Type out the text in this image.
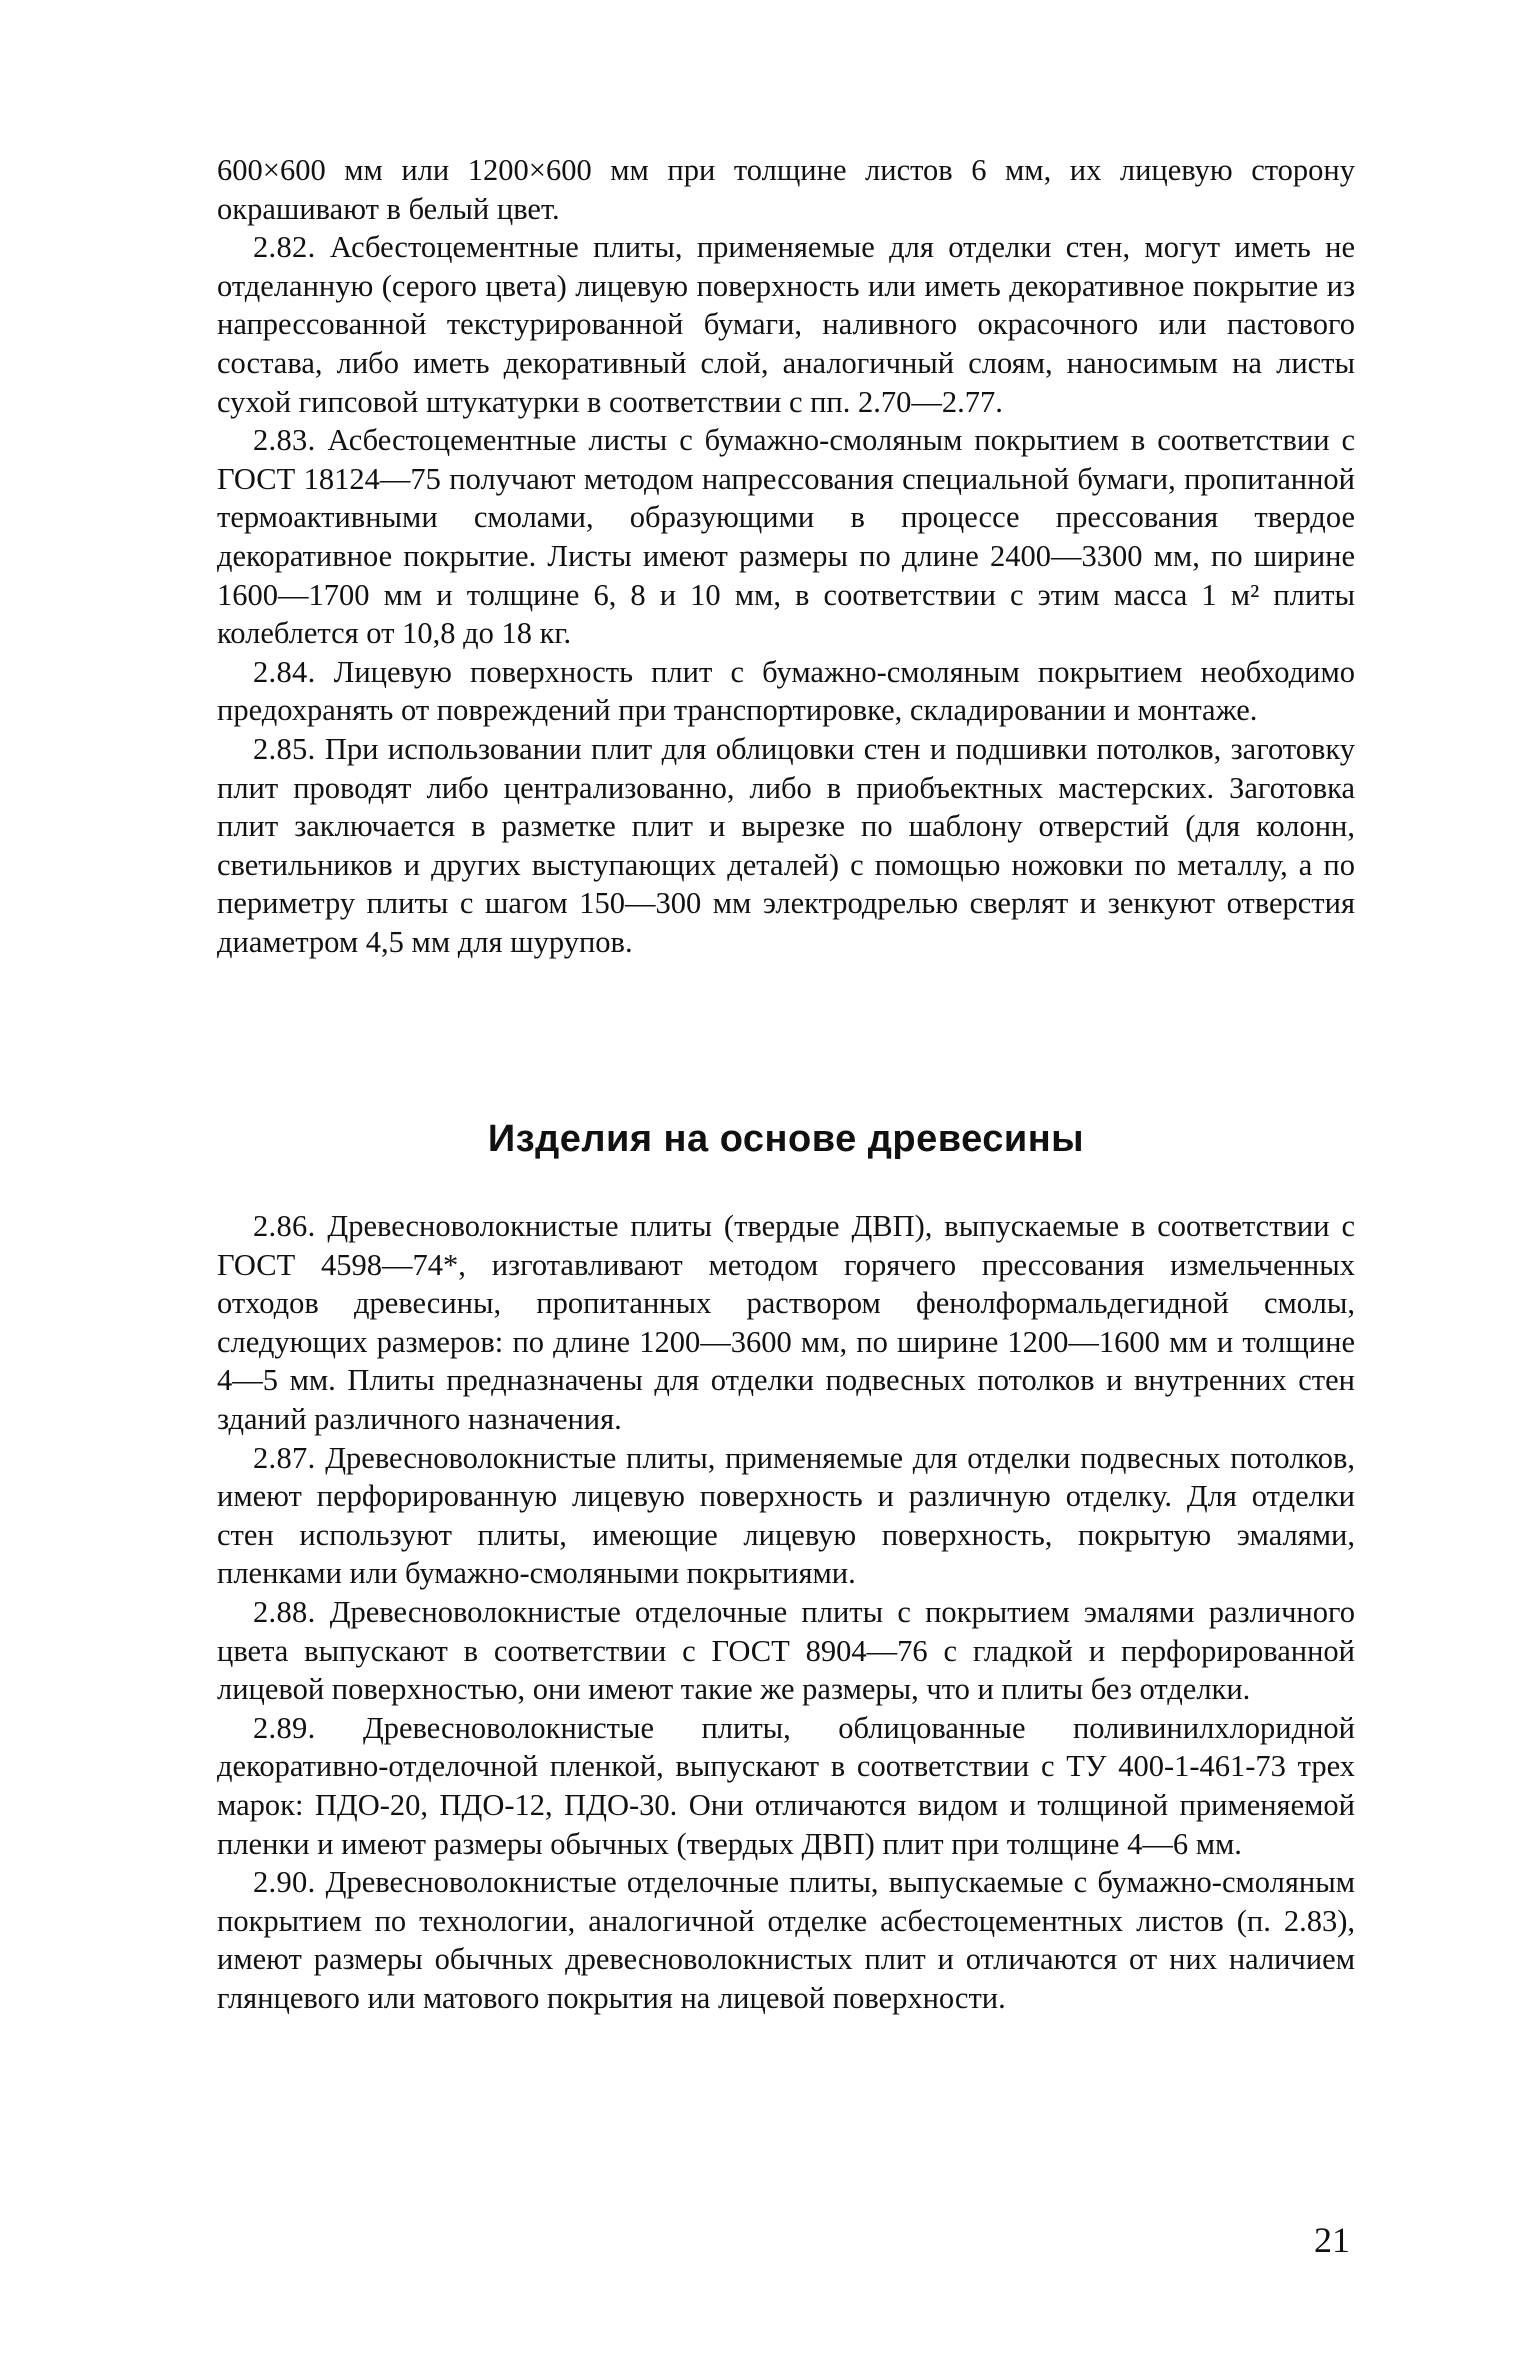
600×600 мм или 1200×600 мм при толщине листов 6 мм, их лицевую сторону окрашивают в белый цвет.

2.82. Асбестоцементные плиты, применяемые для отделки стен, могут иметь не отделанную (серого цвета) лицевую поверхность или иметь декоративное покрытие из напрессованной текстурированной бумаги, наливного окрасочного или пастового состава, либо иметь декоративный слой, аналогичный слоям, наносимым на листы сухой гипсовой штукатурки в соответствии с пп. 2.70—2.77.

2.83. Асбестоцементные листы с бумажно-смоляным покрытием в соответствии с ГОСТ 18124—75 получают методом напрессования специальной бумаги, пропитанной термоактивными смолами, образующими в процессе прессования твердое декоративное покрытие. Листы имеют размеры по длине 2400—3300 мм, по ширине 1600—1700 мм и толщине 6, 8 и 10 мм, в соответствии с этим масса 1 м² плиты колеблется от 10,8 до 18 кг.

2.84. Лицевую поверхность плит с бумажно-смоляным покрытием необходимо предохранять от повреждений при транспортировке, складировании и монтаже.

2.85. При использовании плит для облицовки стен и подшивки потолков, заготовку плит проводят либо централизованно, либо в приобъектных мастерских. Заготовка плит заключается в разметке плит и вырезке по шаблону отверстий (для колонн, светильников и других выступающих деталей) с помощью ножовки по металлу, а по периметру плиты с шагом 150—300 мм электродрелью сверлят и зенкуют отверстия диаметром 4,5 мм для шурупов.

Изделия на основе древесины

2.86. Древесноволокнистые плиты (твердые ДВП), выпускаемые в соответствии с ГОСТ 4598—74*, изготавливают методом горячего прессования измельченных отходов древесины, пропитанных раствором фенолформальдегидной смолы, следующих размеров: по длине 1200—3600 мм, по ширине 1200—1600 мм и толщине 4—5 мм. Плиты предназначены для отделки подвесных потолков и внутренних стен зданий различного назначения.

2.87. Древесноволокнистые плиты, применяемые для отделки подвесных потолков, имеют перфорированную лицевую поверхность и различную отделку. Для отделки стен используют плиты, имеющие лицевую поверхность, покрытую эмалями, пленками или бумажно-смоляными покрытиями.

2.88. Древесноволокнистые отделочные плиты с покрытием эмалями различного цвета выпускают в соответствии с ГОСТ 8904—76 с гладкой и перфорированной лицевой поверхностью, они имеют такие же размеры, что и плиты без отделки.

2.89. Древесноволокнистые плиты, облицованные поливинилхлоридной декоративно-отделочной пленкой, выпускают в соответствии с ТУ 400-1-461-73 трех марок: ПДО-20, ПДО-12, ПДО-30. Они отличаются видом и толщиной применяемой пленки и имеют размеры обычных (твердых ДВП) плит при толщине 4—6 мм.

2.90. Древесноволокнистые отделочные плиты, выпускаемые с бумажно-смоляным покрытием по технологии, аналогичной отделке асбестоцементных листов (п. 2.83), имеют размеры обычных древесноволокнистых плит и отличаются от них наличием глянцевого или матового покрытия на лицевой поверхности.

21
